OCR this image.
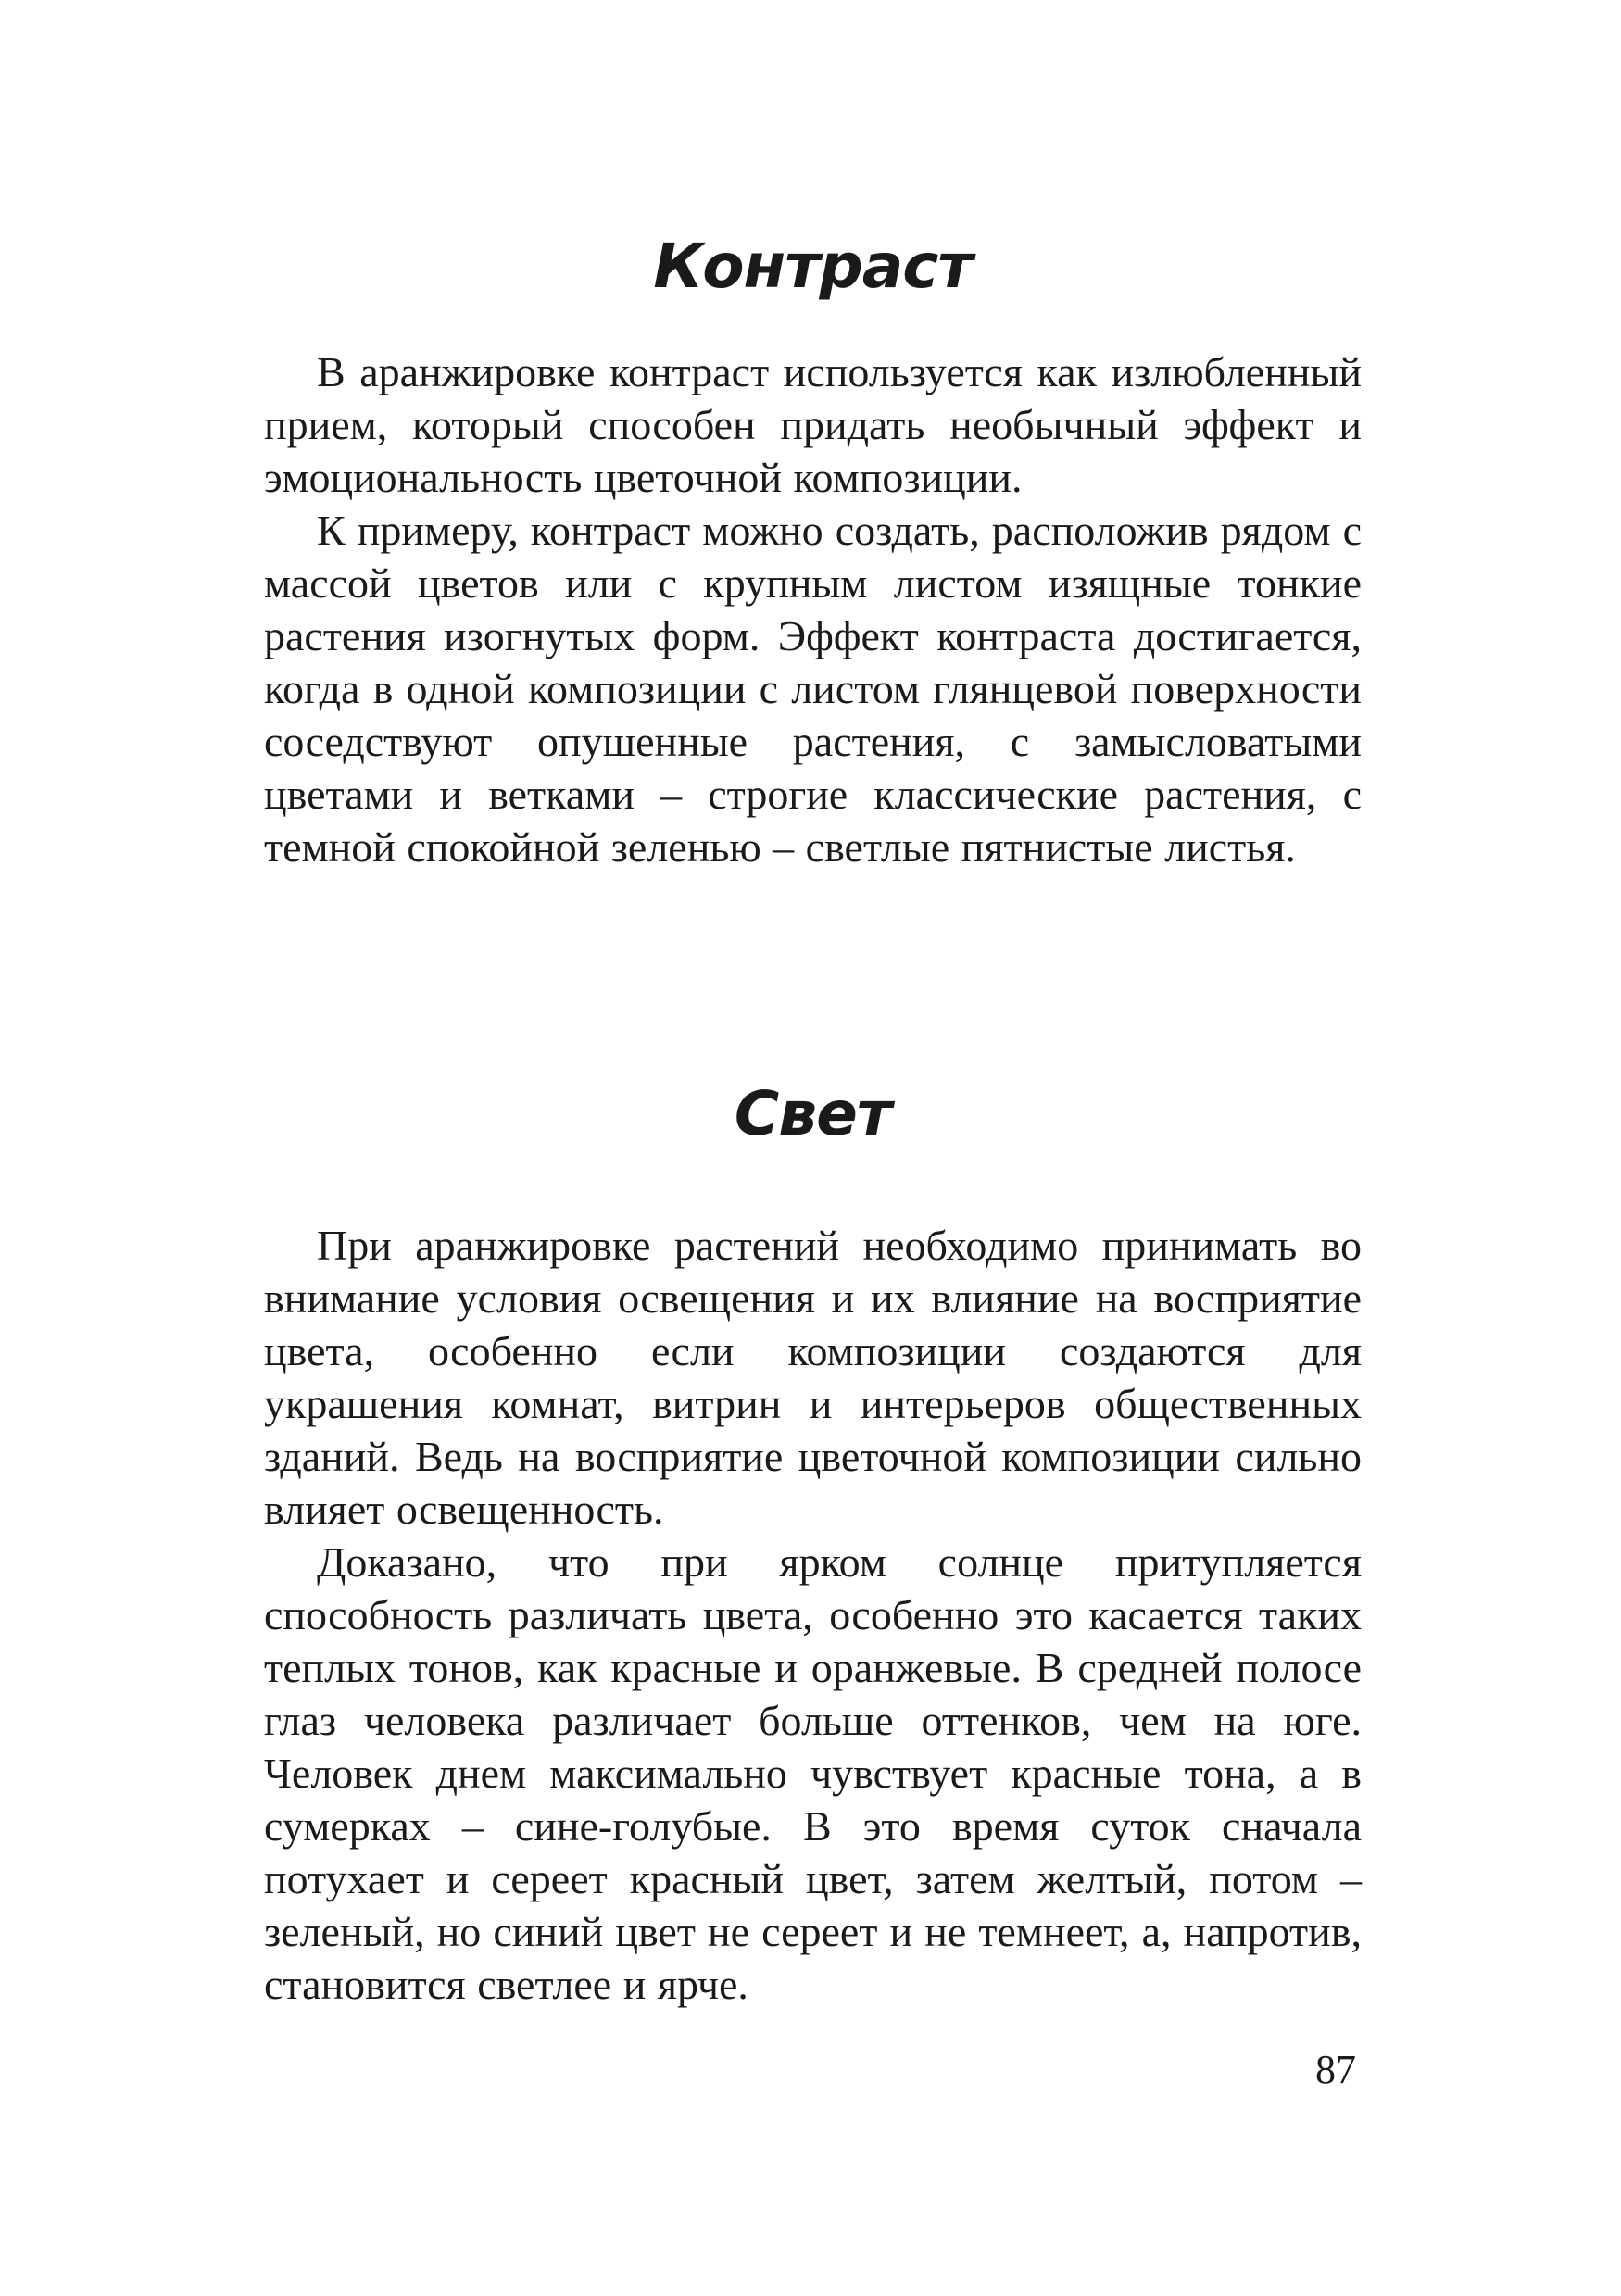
Контраст

В аранжировке контраст используется как излюбленный прием, который способен придать необычный эффект и эмоциональность цветочной композиции.

К примеру, контраст можно создать, расположив рядом с массой цветов или с крупным листом изящные тонкие растения изогнутых форм. Эффект контраста достигается, когда в одной композиции с листом глянцевой поверхности соседствуют опушенные растения, с замысловатыми цветами и ветками – строгие классические растения, с темной спокойной зеленью – светлые пятнистые листья.

Свет

При аранжировке растений необходимо принимать во внимание условия освещения и их влияние на восприятие цвета, особенно если композиции создаются для украшения комнат, витрин и интерьеров общественных зданий. Ведь на восприятие цветочной композиции сильно влияет освещенность.

Доказано, что при ярком солнце притупляется способность различать цвета, особенно это касается таких теплых тонов, как красные и оранжевые. В средней полосе глаз человека различает больше оттенков, чем на юге. Человек днем максимально чувствует красные тона, а в сумерках – сине-голубые. В это время суток сначала потухает и сереет красный цвет, затем желтый, потом – зеленый, но синий цвет не сереет и не темнеет, а, напротив, становится светлее и ярче.

87
